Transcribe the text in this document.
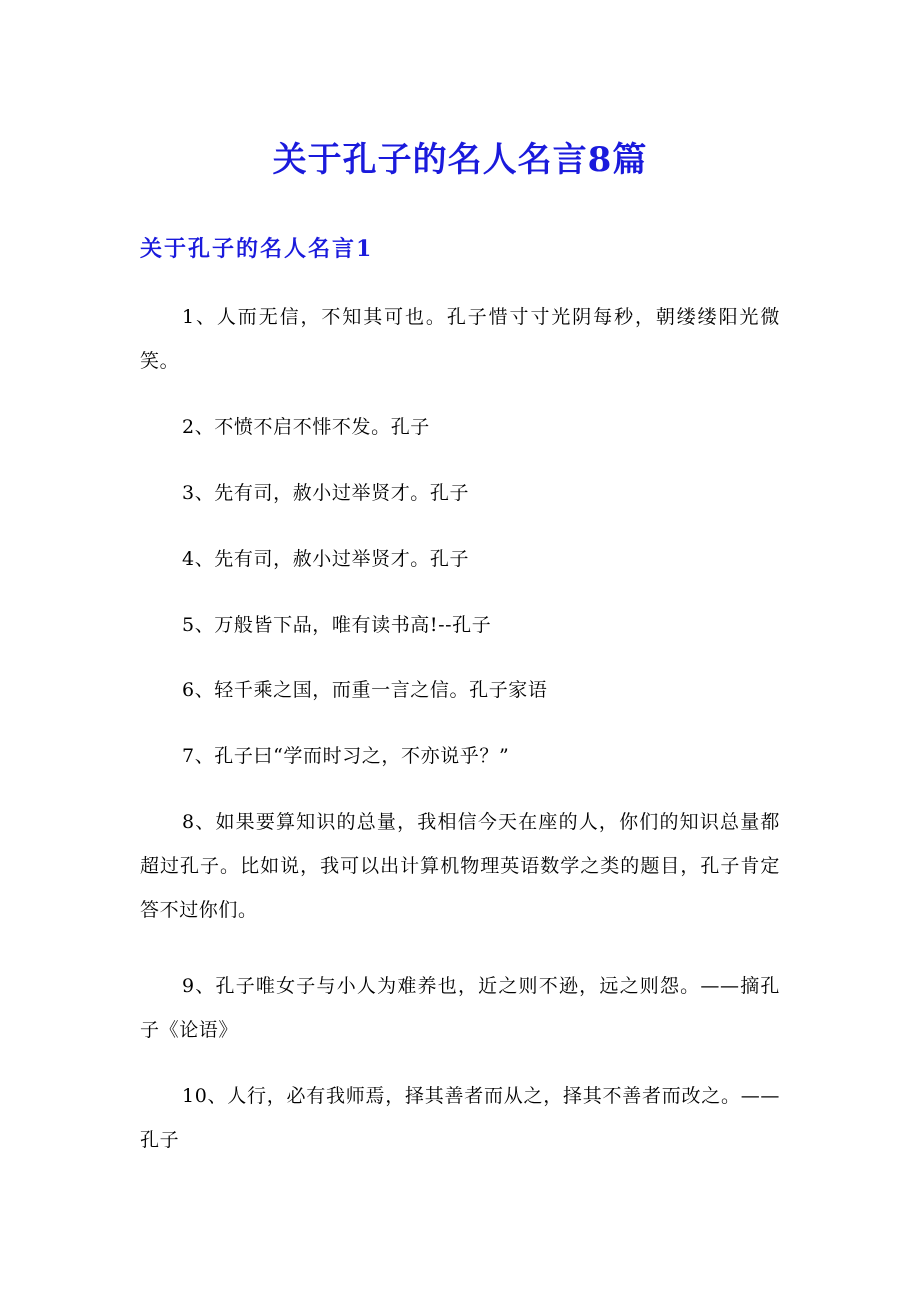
关于孔子的名人名言8篇
关于孔子的名人名言1

1、人而无信，不知其可也。孔子惜寸寸光阴每秒，朝缕缕阳光微笑。

2、不愤不启不悱不发。孔子

3、先有司，赦小过举贤才。孔子

4、先有司，赦小过举贤才。孔子

5、万般皆下品，唯有读书高!--孔子

6、轻千乘之国，而重一言之信。孔子家语

7、孔子曰“学而时习之，不亦说乎？”

8、如果要算知识的总量，我相信今天在座的人，你们的知识总量都超过孔子。比如说，我可以出计算机物理英语数学之类的题目，孔子肯定答不过你们。

9、孔子唯女子与小人为难养也，近之则不逊，远之则怨。——摘孔子《论语》

10、人行，必有我师焉，择其善者而从之，择其不善者而改之。——孔子
